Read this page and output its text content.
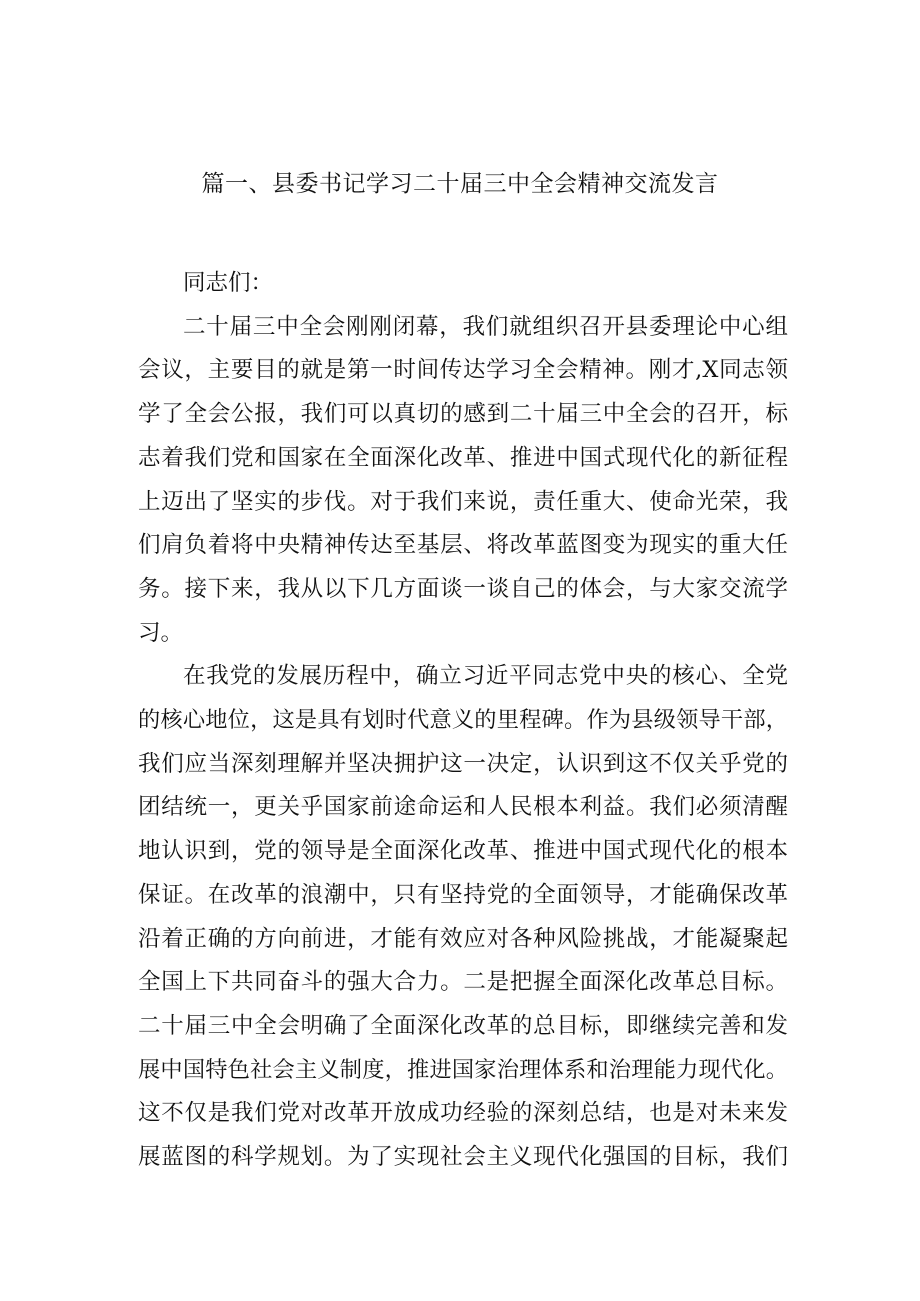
篇一、县委书记学习二十届三中全会精神交流发言
同志们：
二十届三中全会刚刚闭幕，我们就组织召开县委理论中心组
会议，主要目的就是第一时间传达学习全会精神。刚才,X同志领
学了全会公报，我们可以真切的感到二十届三中全会的召开，标
志着我们党和国家在全面深化改革、推进中国式现代化的新征程
上迈出了坚实的步伐。对于我们来说，责任重大、使命光荣，我
们肩负着将中央精神传达至基层、将改革蓝图变为现实的重大任
务。接下来，我从以下几方面谈一谈自己的体会，与大家交流学
习。
在我党的发展历程中，确立习近平同志党中央的核心、全党
的核心地位，这是具有划时代意义的里程碑。作为县级领导干部，
我们应当深刻理解并坚决拥护这一决定，认识到这不仅关乎党的
团结统一，更关乎国家前途命运和人民根本利益。我们必须清醒
地认识到，党的领导是全面深化改革、推进中国式现代化的根本
保证。在改革的浪潮中，只有坚持党的全面领导，才能确保改革
沿着正确的方向前进，才能有效应对各种风险挑战，才能凝聚起
全国上下共同奋斗的强大合力。二是把握全面深化改革总目标。
二十届三中全会明确了全面深化改革的总目标，即继续完善和发
展中国特色社会主义制度，推进国家治理体系和治理能力现代化。
这不仅是我们党对改革开放成功经验的深刻总结，也是对未来发
展蓝图的科学规划。为了实现社会主义现代化强国的目标，我们
